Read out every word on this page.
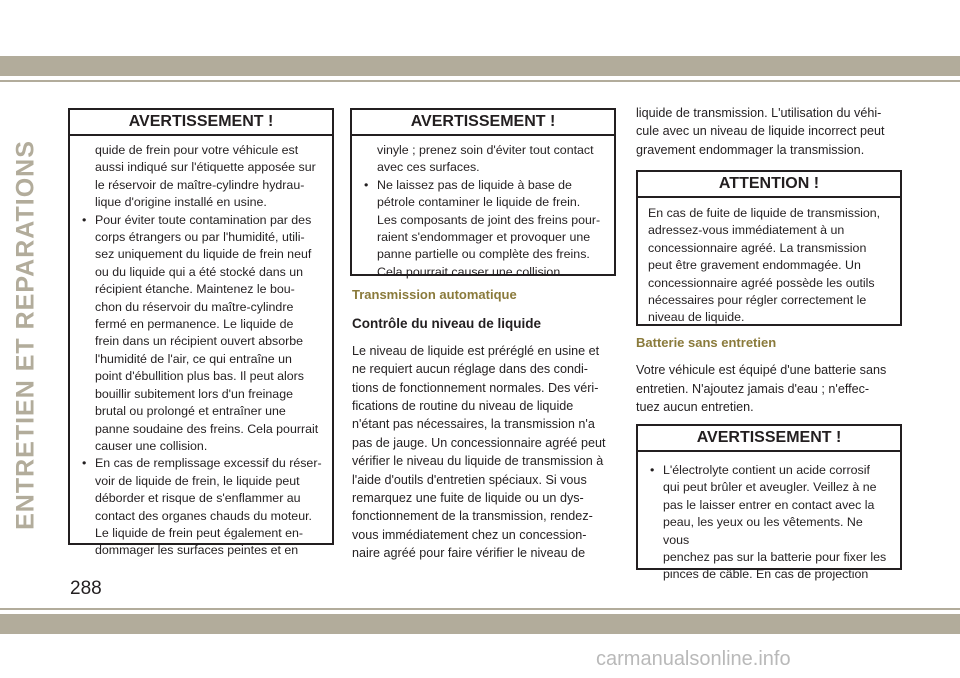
ENTRETIEN ET REPARATIONS
AVERTISSEMENT !
quide de frein pour votre véhicule est
aussi indiqué sur l'étiquette apposée sur
le réservoir de maître-cylindre hydrau-
lique d'origine installé en usine.
• Pour éviter toute contamination par des
corps étrangers ou par l'humidité, utili-
sez uniquement du liquide de frein neuf
ou du liquide qui a été stocké dans un
récipient étanche. Maintenez le bou-
chon du réservoir du maître-cylindre
fermé en permanence. Le liquide de
frein dans un récipient ouvert absorbe
l'humidité de l'air, ce qui entraîne un
point d'ébullition plus bas. Il peut alors
bouillir subitement lors d'un freinage
brutal ou prolongé et entraîner une
panne soudaine des freins. Cela pourrait
causer une collision.
• En cas de remplissage excessif du réser-
voir de liquide de frein, le liquide peut
déborder et risque de s'enflammer au
contact des organes chauds du moteur.
Le liquide de frein peut également en-
dommager les surfaces peintes et en
AVERTISSEMENT !
vinyle ; prenez soin d'éviter tout contact
avec ces surfaces.
• Ne laissez pas de liquide à base de
pétrole contaminer le liquide de frein.
Les composants de joint des freins pour-
raient s'endommager et provoquer une
panne partielle ou complète des freins.
Cela pourrait causer une collision.
Transmission automatique
Contrôle du niveau de liquide
Le niveau de liquide est préréglé en usine et
ne requiert aucun réglage dans des condi-
tions de fonctionnement normales. Des véri-
fications de routine du niveau de liquide
n'étant pas nécessaires, la transmission n'a
pas de jauge. Un concessionnaire agréé peut
vérifier le niveau du liquide de transmission à
l'aide d'outils d'entretien spéciaux. Si vous
remarquez une fuite de liquide ou un dys-
fonctionnement de la transmission, rendez-
vous immédiatement chez un concession-
naire agréé pour faire vérifier le niveau de
liquide de transmission. L'utilisation du véhi-
cule avec un niveau de liquide incorrect peut
gravement endommager la transmission.
ATTENTION !
En cas de fuite de liquide de transmission,
adressez-vous immédiatement à un
concessionnaire agréé. La transmission
peut être gravement endommagée. Un
concessionnaire agréé possède les outils
nécessaires pour régler correctement le
niveau de liquide.
Batterie sans entretien
Votre véhicule est équipé d'une batterie sans
entretien. N'ajoutez jamais d'eau ; n'effec-
tuez aucun entretien.
AVERTISSEMENT !
• L'électrolyte contient un acide corrosif
qui peut brûler et aveugler. Veillez à ne
pas le laisser entrer en contact avec la
peau, les yeux ou les vêtements. Ne vous
penchez pas sur la batterie pour fixer les
pinces de câble. En cas de projection
288
carmanualsonline.info
